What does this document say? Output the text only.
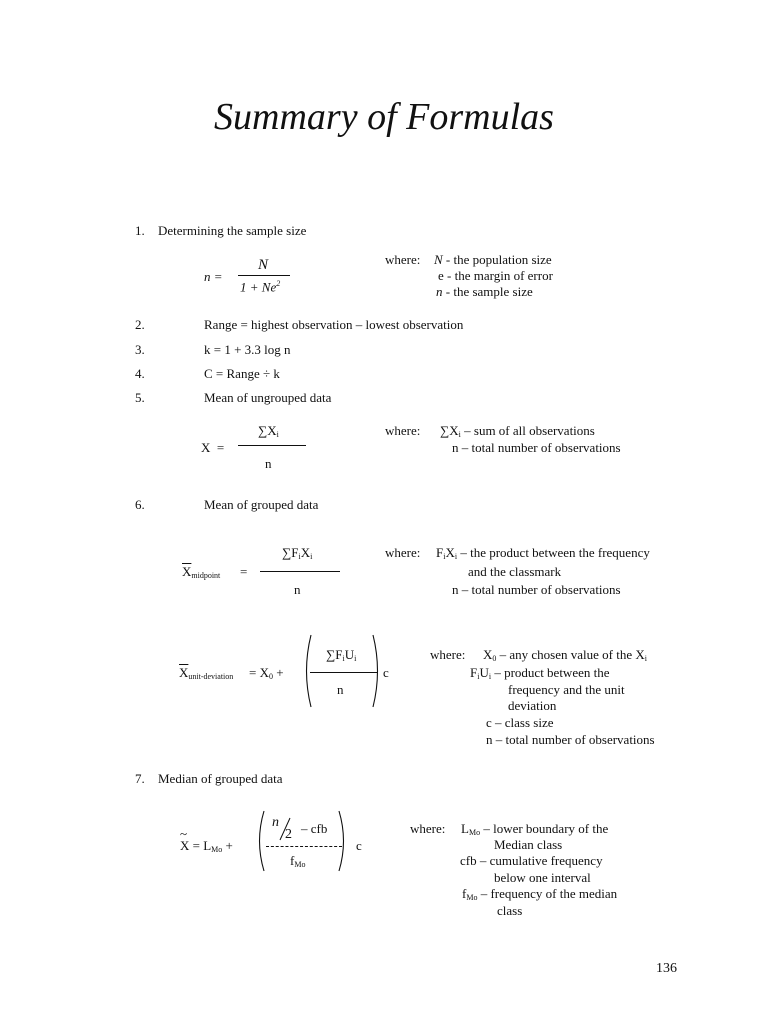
Summary of Formulas
1. Determining the sample size
n =
N
$1 + Ne^2$
where: N - the population size
e - the margin of error
n - the sample size
2.	Range = highest observation – lowest observation
3.	k = 1 + 3.3 log n
4.	C = Range ÷ k
5.	Mean of ungrouped data
X  =
$\sum X_i$
n
where: $\sum X_i$ – sum of all observations
n – total number of observations
6.	Mean of grouped data
$\overline{X}_{midpoint}$ =
$\sum F_iX_i$
n
where: $F_iX_i$ – the product between the frequency
and the classmark
n – total number of observations
$\overline{X}_{unit-deviation} = X_0$ +
$\sum F_iU_i$
n
c
where: $X_0$ – any chosen value of the $X_i$
$F_iU_i$ – product between the
frequency and the unit
deviation
c – class size
n – total number of observations
7. Median of grouped data
~
$X = L_{Mo}$ +
n
2 – cfb
$f_{Mo}$
c
where: $L_{Mo}$ – lower boundary of the
Median class
cfb – cumulative frequency
below one interval
$f_{Mo}$ – frequency of the median
class
136
